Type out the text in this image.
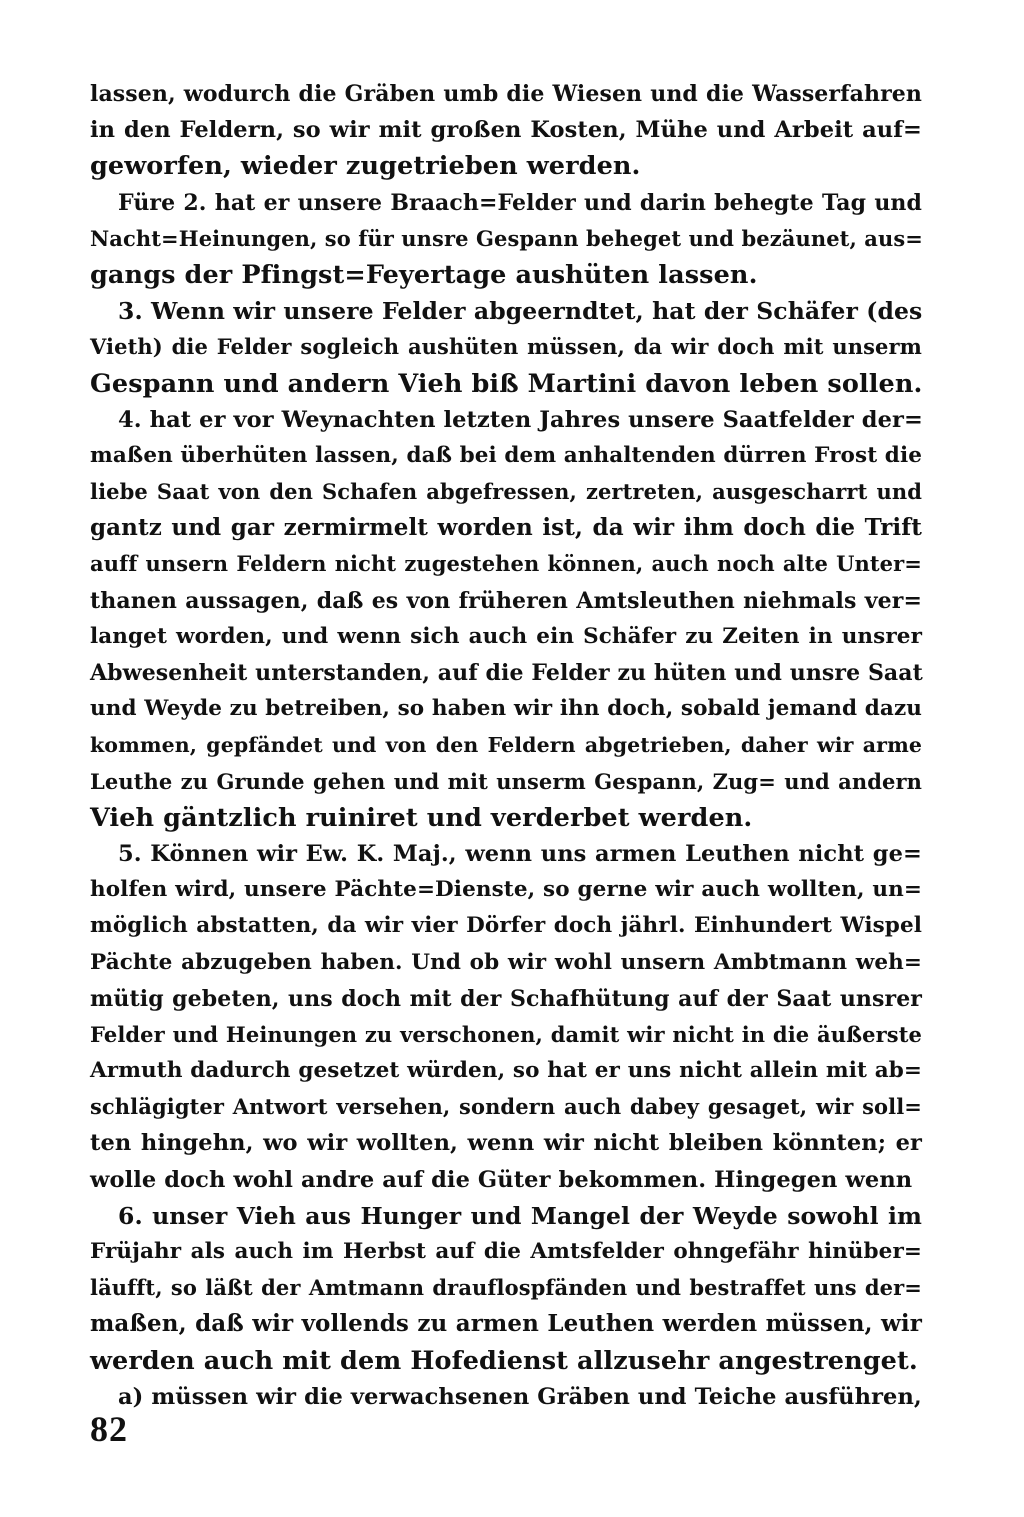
lassen, wodurch die Gräben umb die Wiesen und die Wasserfahren
in den Feldern, so wir mit großen Kosten, Mühe und Arbeit auf=
geworfen, wieder zugetrieben werden.
Füre 2. hat er unsere Braach=Felder und darin behegte Tag und
Nacht=Heinungen, so für unsre Gespann beheget und bezäunet, aus=
gangs der Pfingst=Feyertage aushüten lassen.
3. Wenn wir unsere Felder abgeerndtet, hat der Schäfer (des
Vieth) die Felder sogleich aushüten müssen, da wir doch mit unserm
Gespann und andern Vieh biß Martini davon leben sollen.
4. hat er vor Weynachten letzten Jahres unsere Saatfelder der=
maßen überhüten lassen, daß bei dem anhaltenden dürren Frost die
liebe Saat von den Schafen abgefressen, zertreten, ausgescharrt und
gantz und gar zermirmelt worden ist, da wir ihm doch die Trift
auff unsern Feldern nicht zugestehen können, auch noch alte Unter=
thanen aussagen, daß es von früheren Amtsleuthen niehmals ver=
langet worden, und wenn sich auch ein Schäfer zu Zeiten in unsrer
Abwesenheit unterstanden, auf die Felder zu hüten und unsre Saat
und Weyde zu betreiben, so haben wir ihn doch, sobald jemand dazu
kommen, gepfändet und von den Feldern abgetrieben, daher wir arme
Leuthe zu Grunde gehen und mit unserm Gespann, Zug= und andern
Vieh gäntzlich ruiniret und verderbet werden.
5. Können wir Ew. K. Maj., wenn uns armen Leuthen nicht ge=
holfen wird, unsere Pächte=Dienste, so gerne wir auch wollten, un=
möglich abstatten, da wir vier Dörfer doch jährl. Einhundert Wispel
Pächte abzugeben haben. Und ob wir wohl unsern Ambtmann weh=
mütig gebeten, uns doch mit der Schafhütung auf der Saat unsrer
Felder und Heinungen zu verschonen, damit wir nicht in die äußerste
Armuth dadurch gesetzet würden, so hat er uns nicht allein mit ab=
schlägigter Antwort versehen, sondern auch dabey gesaget, wir soll=
ten hingehn, wo wir wollten, wenn wir nicht bleiben könnten; er
wolle doch wohl andre auf die Güter bekommen. Hingegen wenn
6. unser Vieh aus Hunger und Mangel der Weyde sowohl im
Früjahr als auch im Herbst auf die Amtsfelder ohngefähr hinüber=
läufft, so läßt der Amtmann drauflospfänden und bestraffet uns der=
maßen, daß wir vollends zu armen Leuthen werden müssen, wir
werden auch mit dem Hofedienst allzusehr angestrenget.
a) müssen wir die verwachsenen Gräben und Teiche ausführen,
82
